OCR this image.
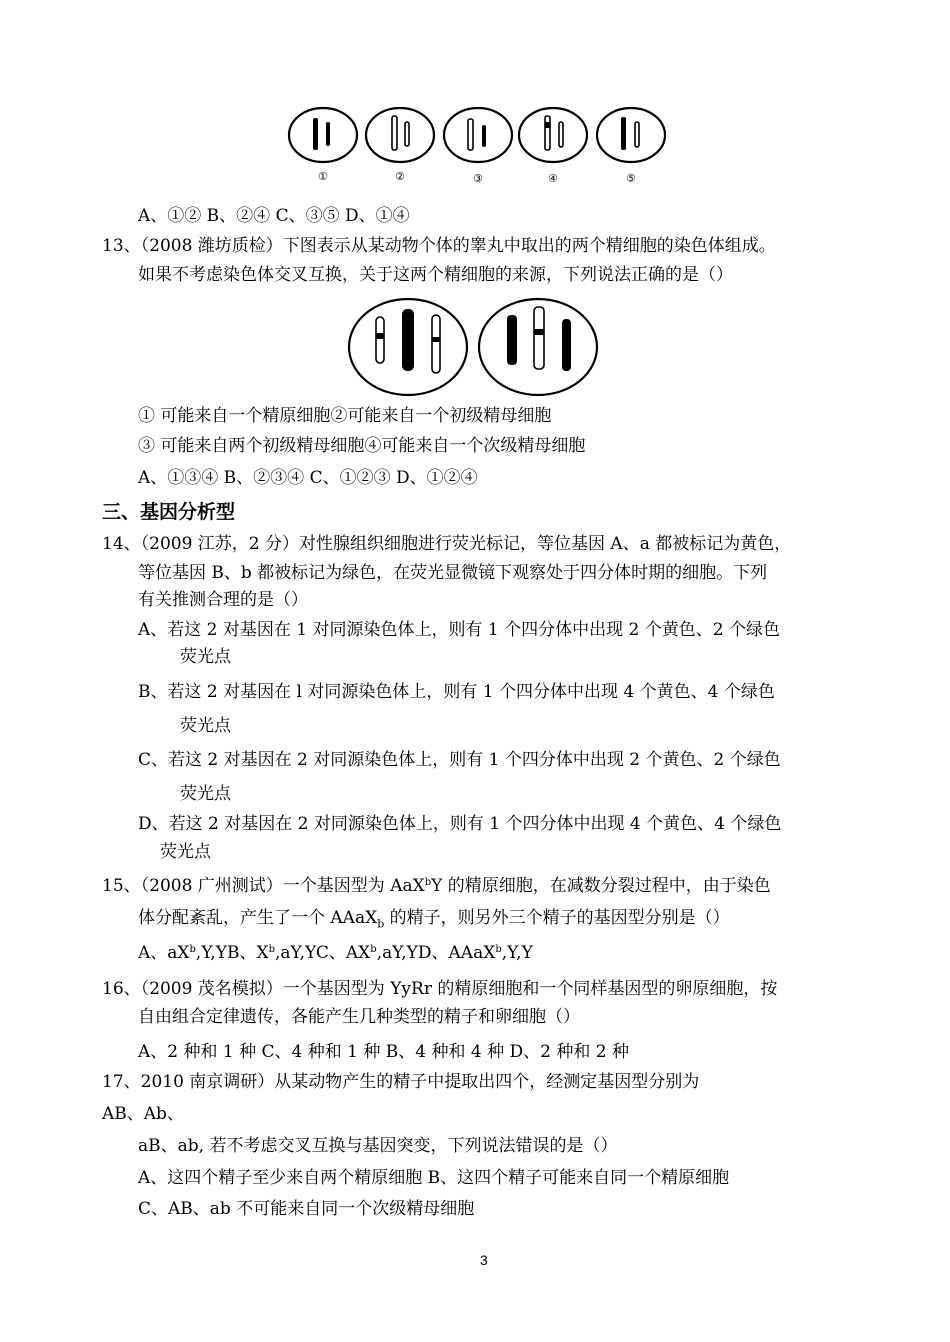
①	②	③	④	⑤
A、①② B、②④ C、③⑤ D、①④
13、（2008 潍坊质检）下图表示从某动物个体的睾丸中取出的两个精细胞的染色体组成。
如果不考虑染色体交叉互换，关于这两个精细胞的来源，下列说法正确的是（）
① 可能来自一个精原细胞②可能来自一个初级精母细胞
③ 可能来自两个初级精母细胞④可能来自一个次级精母细胞
A、①③④ B、②③④ C、①②③ D、①②④
三、基因分析型
14、（2009 江苏，2 分）对性腺组织细胞进行荧光标记，等位基因 A、a 都被标记为黄色，
等位基因 B、b 都被标记为绿色，在荧光显微镜下观察处于四分体时期的细胞。下列
有关推测合理的是（）
A、若这 2 对基因在 1 对同源染色体上，则有 1 个四分体中出现 2 个黄色、2 个绿色
荧光点
B、若这 2 对基因在 l 对同源染色体上，则有 1 个四分体中出现 4 个黄色、4 个绿色
荧光点
C、若这 2 对基因在 2 对同源染色体上，则有 1 个四分体中出现 2 个黄色、2 个绿色
荧光点
D、若这 2 对基因在 2 对同源染色体上，则有 1 个四分体中出现 4 个黄色、4 个绿色
荧光点
15、（2008 广州测试）一个基因型为 AaX$^b$Y 的精原细胞，在减数分裂过程中，由于染色
体分配紊乱，产生了一个 AAaX$_b$ 的精子，则另外三个精子的基因型分别是（）
A、$aX^b,Y,YB$、$X^b,aY,YC$、$AX^b,aY,YD$、AAaX$^b$,Y,Y
16、（2009 茂名模拟）一个基因型为 YyRr 的精原细胞和一个同样基因型的卵原细胞，按
自由组合定律遗传，各能产生几种类型的精子和卵细胞（）
A、2 种和 1 种 C、4 种和 1 种 B、4 种和 4 种 D、2 种和 2 种
17、2010 南京调研）从某动物产生的精子中提取出四个，经测定基因型分别为
AB、Ab、
aB、ab, 若不考虑交叉互换与基因突变，下列说法错误的是（）
A、这四个精子至少来自两个精原细胞 B、这四个精子可能来自同一个精原细胞
C、AB、ab 不可能来自同一个次级精母细胞
3
